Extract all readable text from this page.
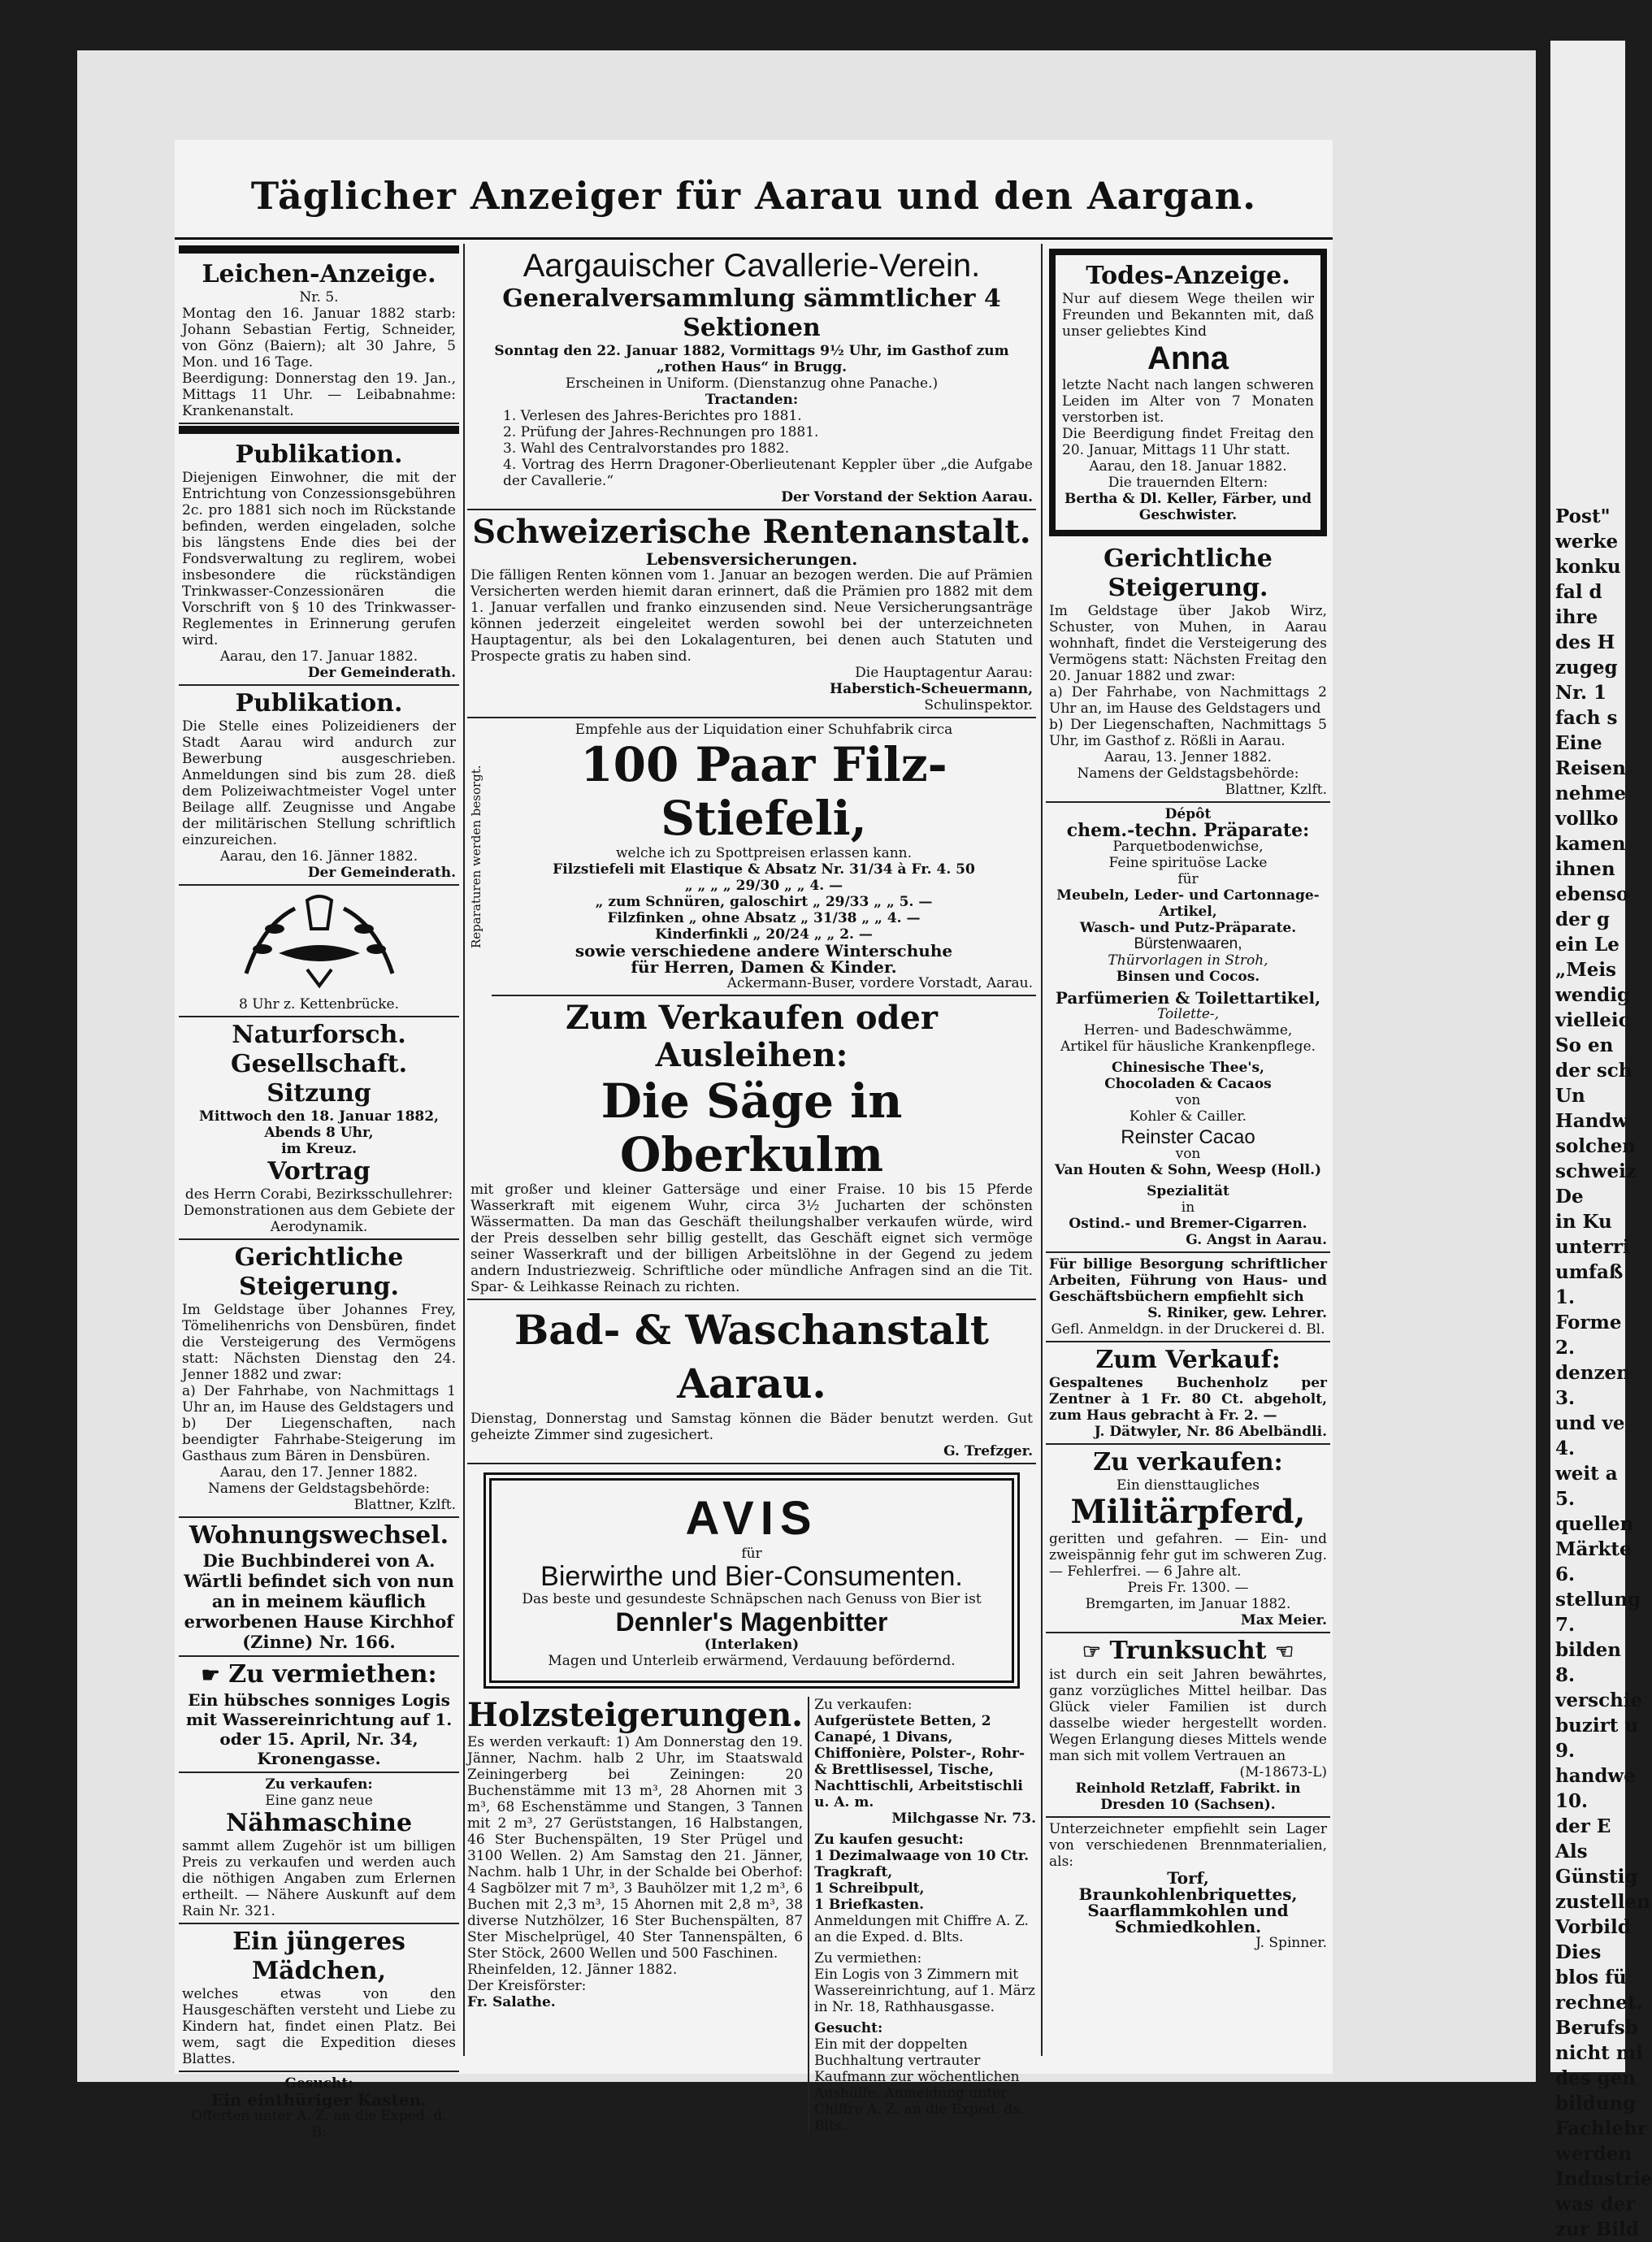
Täglicher Anzeiger für Aarau und den Aargan.
Leichen-Anzeige.
Nr. 5.
Montag den 16. Januar 1882 starb: Johann Sebastian Fertig, Schneider, von Gönz (Baiern); alt 30 Jahre, 5 Mon. und 16 Tage.
Beerdigung: Donnerstag den 19. Jan., Mittags 11 Uhr. — Leibabnahme: Krankenanstalt.
Publikation.
Diejenigen Einwohner, die mit der Entrichtung von Conzessionsgebühren 2c. pro 1881 sich noch im Rückstande befinden, werden eingeladen, solche bis längstens Ende dies bei der Fondsverwaltung zu reglirem, wobei insbesondere die rückständigen Trinkwasser-Conzessionären die Vorschrift von § 10 des Trinkwasser-Reglementes in Erinnerung gerufen wird.
Aarau, den 17. Januar 1882.
Der Gemeinderath.
Publikation.
Die Stelle eines Polizeidieners der Stadt Aarau wird andurch zur Bewerbung ausgeschrieben. Anmeldungen sind bis zum 28. dieß dem Polizeiwachtmeister Vogel unter Beilage allf. Zeugnisse und Angabe der militärischen Stellung schriftlich einzureichen.
Aarau, den 16. Jänner 1882.
Der Gemeinderath.
8 Uhr z. Kettenbrücke.
Naturforsch. Gesellschaft.
Sitzung
Mittwoch den 18. Januar 1882, Abends 8 Uhr,
im Kreuz.
Vortrag
des Herrn Corabi, Bezirksschullehrer: Demonstrationen aus dem Gebiete der Aerodynamik.
Gerichtliche Steigerung.
Im Geldstage über Johannes Frey, Tömelihenrichs von Densbüren, findet die Versteigerung des Vermögens statt: Nächsten Dienstag den 24. Jenner 1882 und zwar:
a) Der Fahrhabe, von Nachmittags 1 Uhr an, im Hause des Geldstagers und
b) Der Liegenschaften, nach beendigter Fahrhabe-Steigerung im Gasthaus zum Bären in Densbüren.
Aarau, den 17. Jenner 1882.
Namens der Geldstagsbehörde:
Blattner, Kzlft.
Wohnungswechsel.
Die Buchbinderei von A. Wärtli befindet sich von nun an in meinem käuflich erworbenen Hause Kirchhof (Zinne) Nr. 166.
☛ Zu vermiethen:
Ein hübsches sonniges Logis mit Wassereinrichtung auf 1. oder 15. April, Nr. 34, Kronengasse.
Zu verkaufen:
Eine ganz neue
Nähmaschine
sammt allem Zugehör ist um billigen Preis zu verkaufen und werden auch die nöthigen Angaben zum Erlernen ertheilt. — Nähere Auskunft auf dem Rain Nr. 321.
Ein jüngeres Mädchen,
welches etwas von den Hausgeschäften versteht und Liebe zu Kindern hat, findet einen Platz. Bei wem, sagt die Expedition dieses Blattes.
Gesucht:
Ein einthüriger Kasten.
Offerten unter A. Z. an die Exped. d. B.
Aargauischer Cavallerie-Verein.
Generalversammlung sämmtlicher 4 Sektionen
Sonntag den 22. Januar 1882, Vormittags 9½ Uhr, im Gasthof zum „rothen Haus“ in Brugg.
Erscheinen in Uniform. (Dienstanzug ohne Panache.)
Tractanden:
1. Verlesen des Jahres-Berichtes pro 1881.
2. Prüfung der Jahres-Rechnungen pro 1881.
3. Wahl des Centralvorstandes pro 1882.
4. Vortrag des Herrn Dragoner-Oberlieutenant Keppler über „die Aufgabe der Cavallerie.“
Der Vorstand der Sektion Aarau.
Schweizerische Rentenanstalt.
Lebensversicherungen.
Die fälligen Renten können vom 1. Januar an bezogen werden. Die auf Prämien Versicherten werden hiemit daran erinnert, daß die Prämien pro 1882 mit dem 1. Januar verfallen und franko einzusenden sind. Neue Versicherungsanträge können jederzeit eingeleitet werden sowohl bei der unterzeichneten Hauptagentur, als bei den Lokalagenturen, bei denen auch Statuten und Prospecte gratis zu haben sind.
Die Hauptagentur Aarau:
Haberstich-Scheuermann,
Schulinspektor.
Reparaturen werden besorgt.
Empfehle aus der Liquidation einer Schuhfabrik circa
100 Paar Filz-Stiefeli,
welche ich zu Spottpreisen erlassen kann.
Filzstiefeli mit Elastique & Absatz Nr. 31/34 à Fr. 4. 50
„ „ „ „ 29/30 „ „ 4. —
„ zum Schnüren, galoschirt „ 29/33 „ „ 5. —
Filzfinken „ ohne Absatz „ 31/38 „ „ 4. —
Kinderfinkli „ 20/24 „ „ 2. —
sowie verschiedene andere Winterschuhe
für Herren, Damen & Kinder.
Ackermann-Buser, vordere Vorstadt, Aarau.
Zum Verkaufen oder Ausleihen:
Die Säge in Oberkulm
mit großer und kleiner Gattersäge und einer Fraise. 10 bis 15 Pferde Wasserkraft mit eigenem Wuhr, circa 3½ Jucharten der schönsten Wässermatten. Da man das Geschäft theilungshalber verkaufen würde, wird der Preis desselben sehr billig gestellt, das Geschäft eignet sich vermöge seiner Wasserkraft und der billigen Arbeitslöhne in der Gegend zu jedem andern Industriezweig. Schriftliche oder mündliche Anfragen sind an die Tit. Spar- & Leihkasse Reinach zu richten.
Bad- & Waschanstalt Aarau.
Dienstag, Donnerstag und Samstag können die Bäder benutzt werden. Gut geheizte Zimmer sind zugesichert.
G. Trefzger.
AVIS
für
Bierwirthe und Bier-Consumenten.
Das beste und gesundeste Schnäpschen nach Genuss von Bier ist
Dennler's Magenbitter
(Interlaken)
Magen und Unterleib erwärmend, Verdauung befördernd.
Holzsteigerungen.
Es werden verkauft: 1) Am Donnerstag den 19. Jänner, Nachm. halb 2 Uhr, im Staatswald Zeiningerberg bei Zeiningen: 20 Buchenstämme mit 13 m³, 28 Ahornen mit 3 m³, 68 Eschenstämme und Stangen, 3 Tannen mit 2 m³, 27 Gerüststangen, 16 Halbstangen, 46 Ster Buchenspälten, 19 Ster Prügel und 3100 Wellen. 2) Am Samstag den 21. Jänner, Nachm. halb 1 Uhr, in der Schalde bei Oberhof: 4 Sagbölzer mit 7 m³, 3 Bauhölzer mit 1,2 m³, 6 Buchen mit 2,3 m³, 15 Ahornen mit 2,8 m³, 38 diverse Nutzhölzer, 16 Ster Buchenspälten, 87 Ster Mischelprügel, 40 Ster Tannenspälten, 6 Ster Stöck, 2600 Wellen und 500 Faschinen.
Rheinfelden, 12. Jänner 1882.
Der Kreisförster:
Fr. Salathe.
Zu verkaufen:
Aufgerüstete Betten, 2 Canapé, 1 Divans, Chiffonière, Polster-, Rohr- & Brettlisessel, Tische, Nachttischli, Arbeitstischli u. A. m.
Milchgasse Nr. 73.
Zu kaufen gesucht:
1 Dezimalwaage von 10 Ctr. Tragkraft,
1 Schreibpult,
1 Briefkasten.
Anmeldungen mit Chiffre A. Z. an die Exped. d. Blts.
Zu vermiethen:
Ein Logis von 3 Zimmern mit Wassereinrichtung, auf 1. März in Nr. 18, Rathhausgasse.
Gesucht:
Ein mit der doppelten Buchhaltung vertrauter Kaufmann zur wöchentlichen Aushülfe. Anmeldung unter Chiffre A. Z. an die Exped. ds. Blts.
Todes-Anzeige.
Nur auf diesem Wege theilen wir Freunden und Bekannten mit, daß unser geliebtes Kind
Anna
letzte Nacht nach langen schweren Leiden im Alter von 7 Monaten verstorben ist.
Die Beerdigung findet Freitag den 20. Januar, Mittags 11 Uhr statt.
Aarau, den 18. Januar 1882.
Die trauernden Eltern:
Bertha & Dl. Keller, Färber, und Geschwister.
Gerichtliche Steigerung.
Im Geldstage über Jakob Wirz, Schuster, von Muhen, in Aarau wohnhaft, findet die Versteigerung des Vermögens statt: Nächsten Freitag den 20. Januar 1882 und zwar:
a) Der Fahrhabe, von Nachmittags 2 Uhr an, im Hause des Geldstagers und
b) Der Liegenschaften, Nachmittags 5 Uhr, im Gasthof z. Rößli in Aarau.
Aarau, 13. Jenner 1882.
Namens der Geldstagsbehörde:
Blattner, Kzlft.
Dépôt
chem.-techn. Präparate:
Parquetbodenwichse,
Feine spirituöse Lacke
für
Meubeln, Leder- und Cartonnage-Artikel,
Wasch- und Putz-Präparate.
Bürstenwaaren,
Thürvorlagen in Stroh,
Binsen und Cocos.
Parfümerien & Toilettartikel,
Toilette-,
Herren- und Badeschwämme,
Artikel für häusliche Krankenpflege.
Chinesische Thee's,
Chocoladen & Cacaos
von
Kohler & Cailler.
Reinster Cacao
von
Van Houten & Sohn, Weesp (Holl.)
Spezialität
in
Ostind.- und Bremer-Cigarren.
G. Angst in Aarau.
Für billige Besorgung schriftlicher Arbeiten, Führung von Haus- und Geschäftsbüchern empfiehlt sich
S. Riniker, gew. Lehrer.
Gefl. Anmeldgn. in der Druckerei d. Bl.
Zum Verkauf:
Gespaltenes Buchenholz per Zentner à 1 Fr. 80 Ct. abgeholt, zum Haus gebracht à Fr. 2. —
J. Dätwyler, Nr. 86 Abelbändli.
Zu verkaufen:
Ein diensttaugliches
Militärpferd,
geritten und gefahren. — Ein- und zweispännig fehr gut im schweren Zug. — Fehlerfrei. — 6 Jahre alt.
Preis Fr. 1300. —
Bremgarten, im Januar 1882.
Max Meier.
☞ Trunksucht ☜
ist durch ein seit Jahren bewährtes, ganz vorzügliches Mittel heilbar. Das Glück vieler Familien ist durch dasselbe wieder hergestellt worden. Wegen Erlangung dieses Mittels wende man sich mit vollem Vertrauen an
(M-18673-L)
Reinhold Retzlaff, Fabrikt. in Dresden 10 (Sachsen).
Unterzeichneter empfiehlt sein Lager von verschiedenen Brennmaterialien, als:
Torf,
Braunkohlenbriquettes,
Saarflammkohlen und
Schmiedkohlen.
J. Spinner.
Post"
werke
konku
fal d
ihre
des H
zugeg
Nr. 1
fach s
Eine
Reisen
nehme
vollko
kamen
ihnen
ebenso
der g
ein Le
„Meis
wendig
vielleic
So en
der sch
Un
Handw
solchen
schweiz
De
in Ku
unterri
umfaß
1.
Forme
2.
denzen
3.
und ve
4.
weit a
5.
quellen
Märkte
6.
stellung
7.
bilden
8.
verschie
buzirt u
9.
handwe
10.
der E
Als
Günstig
zustellen
Vorbild
Dies
blos fü
rechnet.
Berufsb
nicht mi
des gen
bildung
Fachlehr
werden
Industrie
was der
zur Bild
